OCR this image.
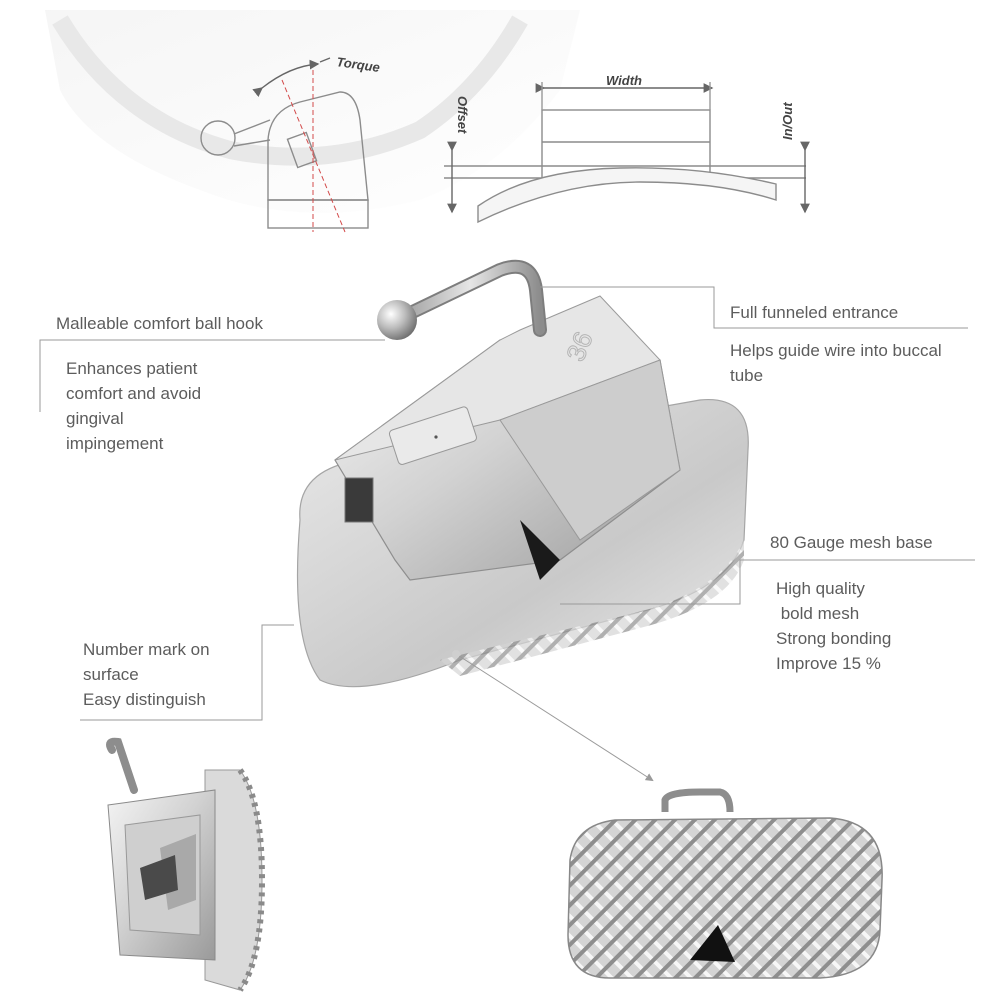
Torque
Width
Offset	In/Out
36
Malleable comfort ball hook
Enhances patient
comfort and avoid
gingival
impingement
Full funneled entrance
Helps guide wire into buccal
tube
80 Gauge mesh base
High quality
bold mesh
Strong bonding
Improve 15 %
Number mark on
surface
Easy distinguish
